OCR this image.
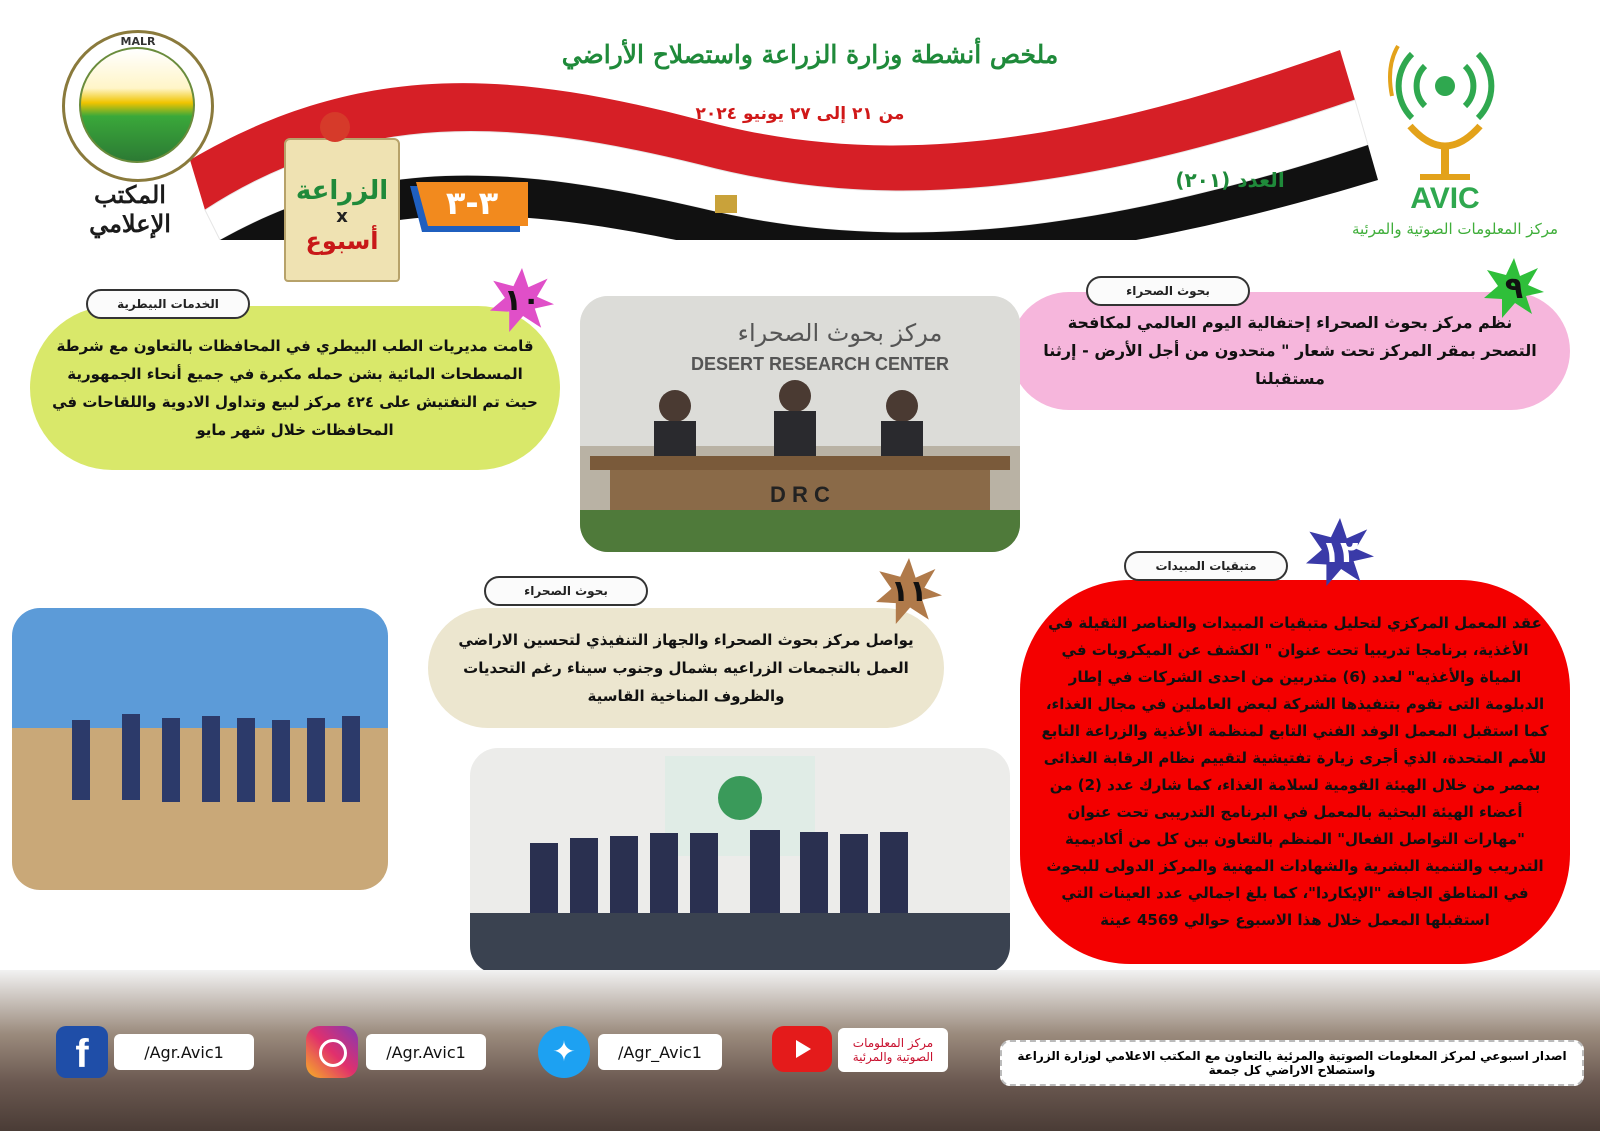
ملخص أنشطة وزارة الزراعة واستصلاح الأراضي
من ٢١ إلى ٢٧ يونيو ٢٠٢٤
العدد (٢٠١)
MALR
المكتب الإعلامي
AVIC
مركز المعلومات الصوتية والمرئية
الزراعة
x
أسبوع
٣-٣
نظم مركز بحوث الصحراء إحتفالية اليوم العالمي لمكافحة التصحر بمقر المركز تحت شعار " متحدون من أجل الأرض - إرثنا مستقبلنا
بحوث الصحراء	٩
قامت مديريات الطب البيطري في المحافظات بالتعاون مع شرطة المسطحات المائية بشن حمله مكبرة في جميع أنحاء الجمهورية حيث تم التفتيش على ٤٢٤ مركز لبيع وتداول الادوية واللقاحات في المحافظات خلال شهر مايو
الخدمات البيطرية	١٠
مركز بحوث الصحراء
DESERT RESEARCH CENTER
D R C
يواصل مركز بحوث الصحراء والجهاز التنفيذي لتحسين الاراضي العمل بالتجمعات الزراعيه بشمال وجنوب سيناء رغم التحديات والظروف المناخية القاسية
بحوث الصحراء	١١
عقد المعمل المركزي لتحليل متبقيات المبيدات والعناصر الثقيلة في الأغذية، برنامجا تدريبيا تحت عنوان " الكشف عن الميكروبات في المياة والأغذيه" لعدد (6) متدربين من احدى الشركات في إطار الدبلومة التى تقوم بتنفيذها الشركة لبعض العاملين في مجال الغذاء، كما استقبل المعمل الوفد الفني التابع لمنظمة الأغذية والزراعة التابع للأمم المتحدة، الذي أجرى زيارة تفتيشية لتقييم نظام الرقابة الغذائى بمصر من خلال الهيئة القومية لسلامة الغذاء، كما شارك عدد (2) من أعضاء الهيئة البحثية بالمعمل في البرنامج التدريبى تحت عنوان "مهارات التواصل الفعال" المنظم بالتعاون بين كل من أكاديمية التدريب والتنمية البشرية والشهادات المهنية والمركز الدولى للبحوث في المناطق الجافة "الإيكاردا"، كما بلغ اجمالي عدد العينات التي استقبلها المعمل خلال هذا الاسبوع حوالي 4569 عينة
متبقيات المبيدات	١٢
f	/Agr.Avic1	/Agr.Avic1	✦	/Agr_Avic1	مركز المعلومات الصوتية والمرئية	اصدار اسبوعي لمركز المعلومات الصوتية والمرئية بالتعاون مع المكتب الاعلامي لوزارة الزراعة واستصلاح الاراضي كل جمعة
